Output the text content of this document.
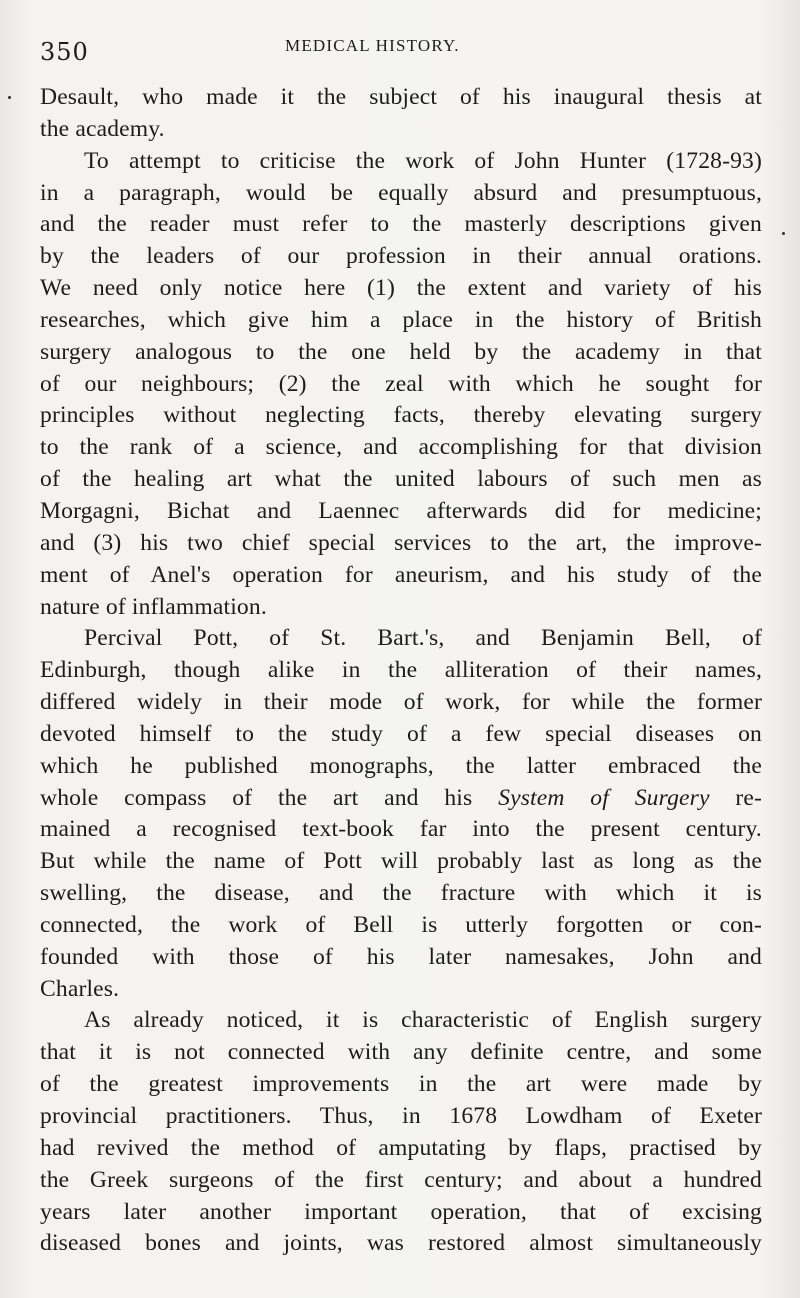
350	MEDICAL HISTORY.
Desault, who made it the subject of his inaugural thesis at
the academy.
To attempt to criticise the work of John Hunter (1728-93)
in a paragraph, would be equally absurd and presumptuous,
and the reader must refer to the masterly descriptions given
by the leaders of our profession in their annual orations.
We need only notice here (1) the extent and variety of his
researches, which give him a place in the history of British
surgery analogous to the one held by the academy in that
of our neighbours; (2) the zeal with which he sought for
principles without neglecting facts, thereby elevating surgery
to the rank of a science, and accomplishing for that division
of the healing art what the united labours of such men as
Morgagni, Bichat and Laennec afterwards did for medicine;
and (3) his two chief special services to the art, the improve-
ment of Anel's operation for aneurism, and his study of the
nature of inflammation.
Percival Pott, of St. Bart.'s, and Benjamin Bell, of
Edinburgh, though alike in the alliteration of their names,
differed widely in their mode of work, for while the former
devoted himself to the study of a few special diseases on
which he published monographs, the latter embraced the
whole compass of the art and his System of Surgery re-
mained a recognised text-book far into the present century.
But while the name of Pott will probably last as long as the
swelling, the disease, and the fracture with which it is
connected, the work of Bell is utterly forgotten or con-
founded with those of his later namesakes, John and
Charles.
As already noticed, it is characteristic of English surgery
that it is not connected with any definite centre, and some
of the greatest improvements in the art were made by
provincial practitioners. Thus, in 1678 Lowdham of Exeter
had revived the method of amputating by flaps, practised by
the Greek surgeons of the first century; and about a hundred
years later another important operation, that of excising
diseased bones and joints, was restored almost simultaneously
